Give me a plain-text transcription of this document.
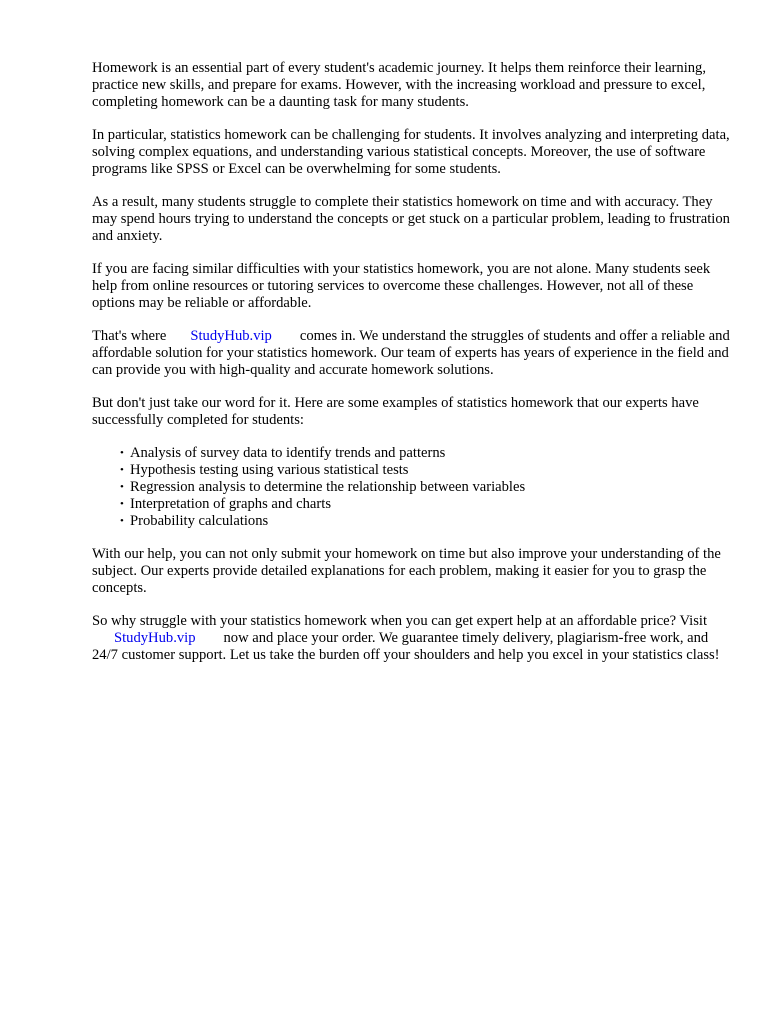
Homework is an essential part of every student's academic journey. It helps them reinforce their learning, practice new skills, and prepare for exams. However, with the increasing workload and pressure to excel, completing homework can be a daunting task for many students.

In particular, statistics homework can be challenging for students. It involves analyzing and interpreting data, solving complex equations, and understanding various statistical concepts. Moreover, the use of software programs like SPSS or Excel can be overwhelming for some students.

As a result, many students struggle to complete their statistics homework on time and with accuracy. They may spend hours trying to understand the concepts or get stuck on a particular problem, leading to frustration and anxiety.

If you are facing similar difficulties with your statistics homework, you are not alone. Many students seek help from online resources or tutoring services to overcome these challenges. However, not all of these options may be reliable or affordable.

That's where StudyHub.vip comes in. We understand the struggles of students and offer a reliable and affordable solution for your statistics homework. Our team of experts has years of experience in the field and can provide you with high-quality and accurate homework solutions.

But don't just take our word for it. Here are some examples of statistics homework that our experts have successfully completed for students:

• Analysis of survey data to identify trends and patterns
• Hypothesis testing using various statistical tests
• Regression analysis to determine the relationship between variables
• Interpretation of graphs and charts
• Probability calculations

With our help, you can not only submit your homework on time but also improve your understanding of the subject. Our experts provide detailed explanations for each problem, making it easier for you to grasp the concepts.

So why struggle with your statistics homework when you can get expert help at an affordable price? VisitStudyHub.vip now and place your order. We guarantee timely delivery, plagiarism-free work, and 24/7 customer support. Let us take the burden off your shoulders and help you excel in your statistics class!
